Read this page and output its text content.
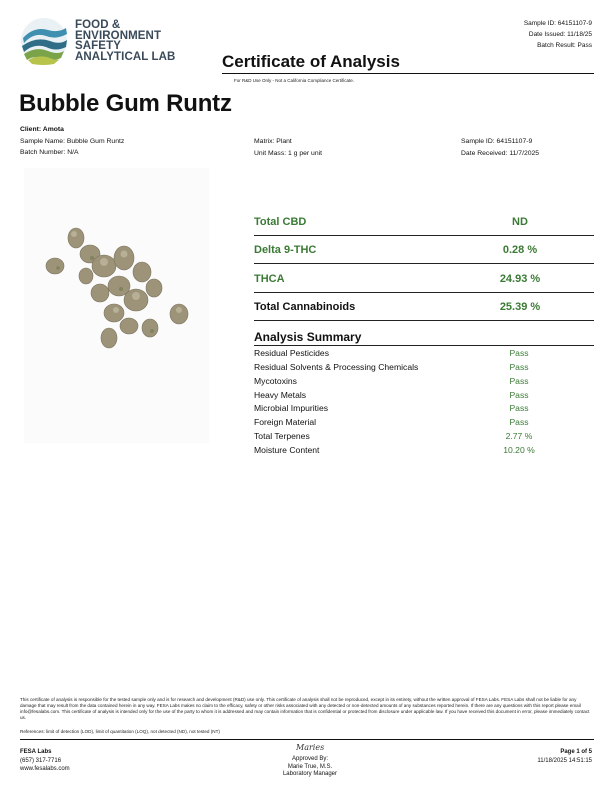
FOOD &
ENVIRONMENT
SAFETY
ANALYTICAL LAB	Certificate of Analysis
For R&D Use Only - Not a California Compliance Certificate.
Sample ID: 64151107-9
Date Issued: 11/18/25
Batch Result: Pass
Bubble Gum Runtz
Client: Amota
Sample Name: Bubble Gum Runtz
Batch Number: N/A
Matrix: Plant
Unit Mass: 1 g per unit
Sample ID: 64151107-9
Date Received: 11/7/2025
Total CBD	ND
Delta 9-THC	0.28 %
THCA	24.93 %
Total Cannabinoids	25.39 %
Analysis Summary
Residual Pesticides	Pass
Residual Solvents & Processing Chemicals	Pass
Mycotoxins	Pass
Heavy Metals	Pass
Microbial Impurities	Pass
Foreign Material	Pass
Total Terpenes	2.77 %
Moisture Content	10.20 %
This certificate of analysis is responsible for the tested sample only and is for research and development (R&D) use only. This certificate of analysis shall not be reproduced, except in its entirety, without the written approval of FESA Labs. FESA Labs shall not be liable for any damage that may result from the data contained herein in any way. FESA Labs makes no claim to the efficacy, safety or other risks associated with any detected or non-detected amounts of any substances reported herein. If there are any questions with this report please email info@fesalabs.com. This certificate of analysis is intended only for the use of the party to whom it is addressed and may contain information that is confidential or protected from disclosure under applicable law. If you have received this document in error, please immediately contact us.
References: limit of detection (LOD), limit of quantitation (LOQ), not detected (ND), not tested (NT)
FESA Labs
(657) 317-7716
www.fesalabs.com
Maries
Approved By:
Marie True, M.S.
Laboratory Manager
Page 1 of 5
11/18/2025 14:51:15
